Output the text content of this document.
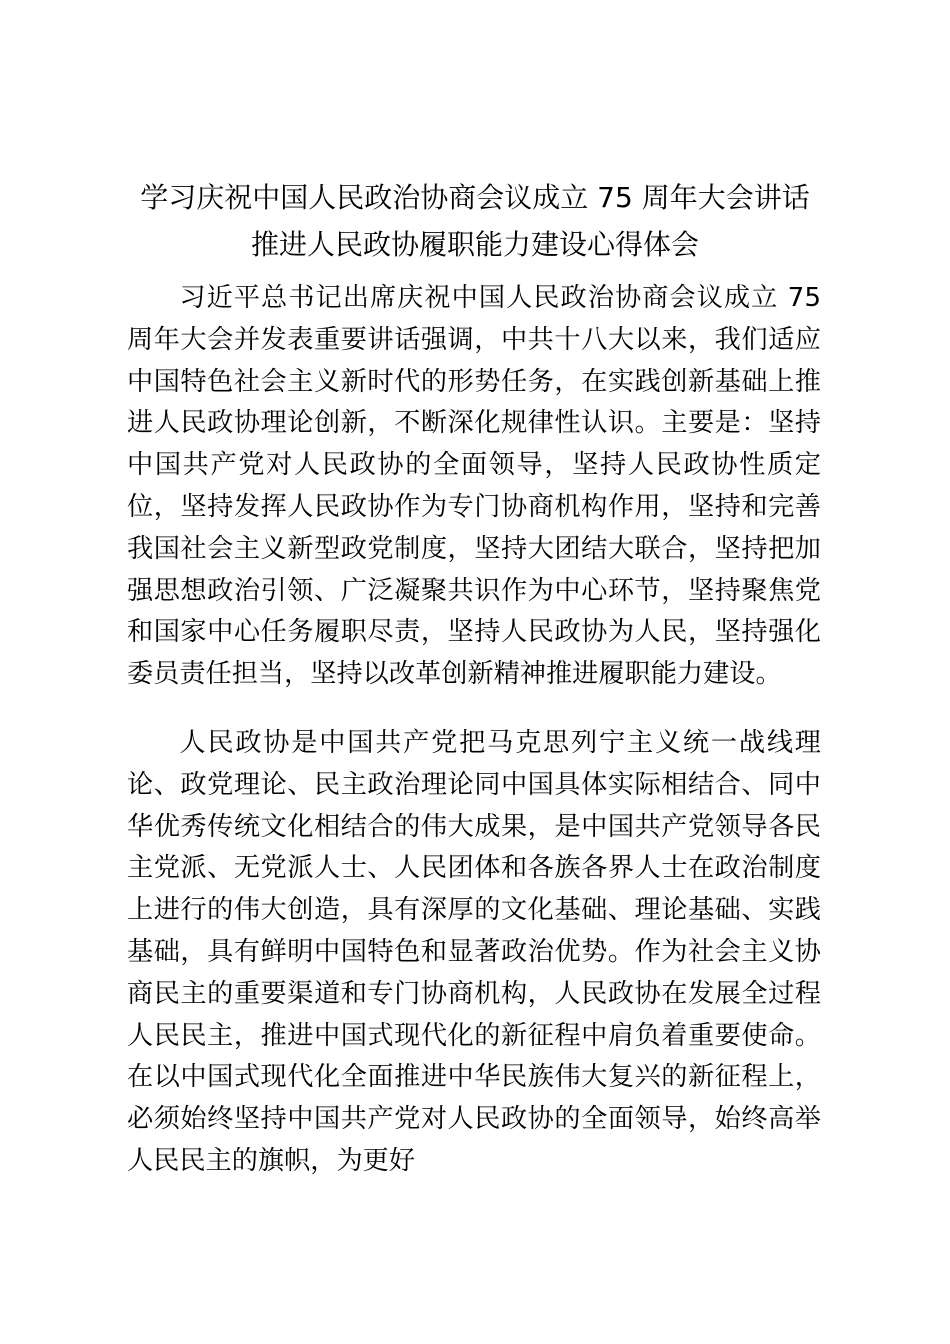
学习庆祝中国人民政治协商会议成立 75 周年大会讲话
推进人民政协履职能力建设心得体会

习近平总书记出席庆祝中国人民政治协商会议成立 75 周年大会并发表重要讲话强调，中共十八大以来，我们适应中国特色社会主义新时代的形势任务，在实践创新基础上推进人民政协理论创新，不断深化规律性认识。主要是：坚持中国共产党对人民政协的全面领导，坚持人民政协性质定位，坚持发挥人民政协作为专门协商机构作用，坚持和完善我国社会主义新型政党制度，坚持大团结大联合，坚持把加强思想政治引领、广泛凝聚共识作为中心环节，坚持聚焦党和国家中心任务履职尽责，坚持人民政协为人民，坚持强化委员责任担当，坚持以改革创新精神推进履职能力建设。

人民政协是中国共产党把马克思列宁主义统一战线理论、政党理论、民主政治理论同中国具体实际相结合、同中华优秀传统文化相结合的伟大成果，是中国共产党领导各民主党派、无党派人士、人民团体和各族各界人士在政治制度上进行的伟大创造，具有深厚的文化基础、理论基础、实践基础，具有鲜明中国特色和显著政治优势。作为社会主义协商民主的重要渠道和专门协商机构，人民政协在发展全过程人民民主，推进中国式现代化的新征程中肩负着重要使命。在以中国式现代化全面推进中华民族伟大复兴的新征程上，必须始终坚持中国共产党对人民政协的全面领导，始终高举人民民主的旗帜，为更好
